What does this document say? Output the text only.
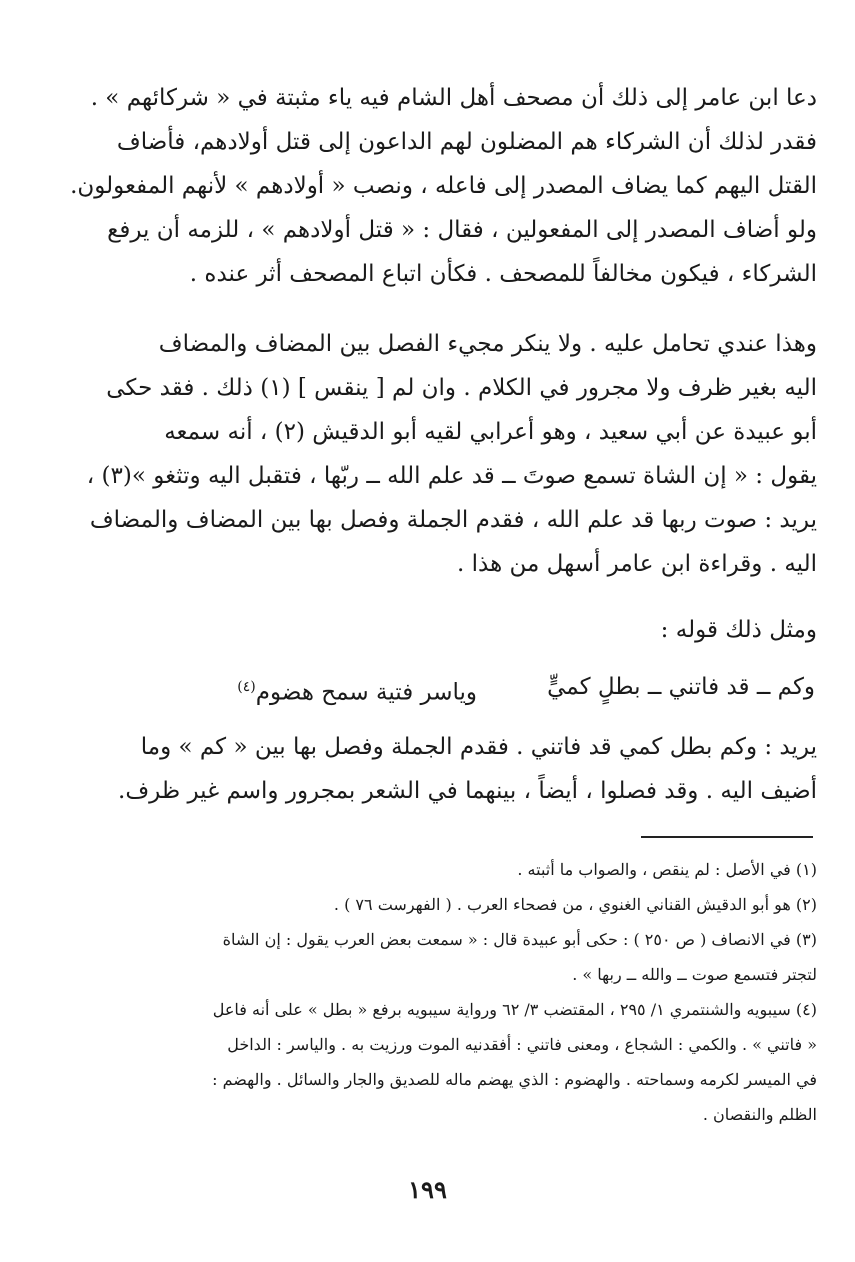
دعا ابن عامر إلى ذلك أن مصحف أهل الشام فيه ياء مثبتة في « شركائهم » .
فقدر لذلك أن الشركاء هم المضلون لهم الداعون إلى قتل أولادهم، فأضاف
القتل اليهم كما يضاف المصدر إلى فاعله ، ونصب « أولادهم » لأنهم المفعولون.
ولو أضاف المصدر إلى المفعولين ، فقال : « قتل أولادهم » ، للزمه أن يرفع
الشركاء ، فيكون مخالفاً للمصحف . فكأن اتباع المصحف أثر عنده .
وهذا عندي تحامل عليه . ولا ينكر مجيء الفصل بين المضاف والمضاف
اليه بغير ظرف ولا مجرور في الكلام . وان لم [ ينقس ] (١) ذلك . فقد حكى
أبو عبيدة عن أبي سعيد ، وهو أعرابي لقيه أبو الدقيش (٢) ، أنه سمعه
يقول : « إن الشاة تسمع صوتَ ــ قد علم الله ــ ربّها ، فتقبل اليه وتثغو »(٣) ،
يريد : صوت ربها قد علم الله ، فقدم الجملة وفصل بها بين المضاف والمضاف
اليه . وقراءة ابن عامر أسهل من هذا .
ومثل ذلك قوله :
وكم ــ قد فاتني ــ بطلٍ كميٍّ
وياسر فتية سمح هضوم$^{(٤)}$
يريد : وكم بطل كمي قد فاتني . فقدم الجملة وفصل بها بين « كم » وما
أضيف اليه . وقد فصلوا ، أيضاً ، بينهما في الشعر بمجرور واسم غير ظرف.
(١) في الأصل : لم ينقص ، والصواب ما أثبته .
(٢) هو أبو الدقيش القناني الغنوي ، من فصحاء العرب . ( الفهرست ٧٦ ) .
(٣) في الانصاف ( ص ٢٥٠ ) : حكى أبو عبيدة قال : « سمعت بعض العرب يقول : إن الشاة
لتجتر فتسمع صوت ــ والله ــ ربها » .
(٤) سيبويه والشنتمري ١/ ٢٩٥ ، المقتضب ٣/ ٦٢ ورواية سيبويه برفع « بطل » على أنه فاعل
« فاتني » . والكمي : الشجاع ، ومعنى فاتني : أفقدنيه الموت ورزيت به . والياسر : الداخل
في الميسر لكرمه وسماحته . والهضوم : الذي يهضم ماله للصديق والجار والسائل . والهضم :
الظلم والنقصان .
١٩٩
